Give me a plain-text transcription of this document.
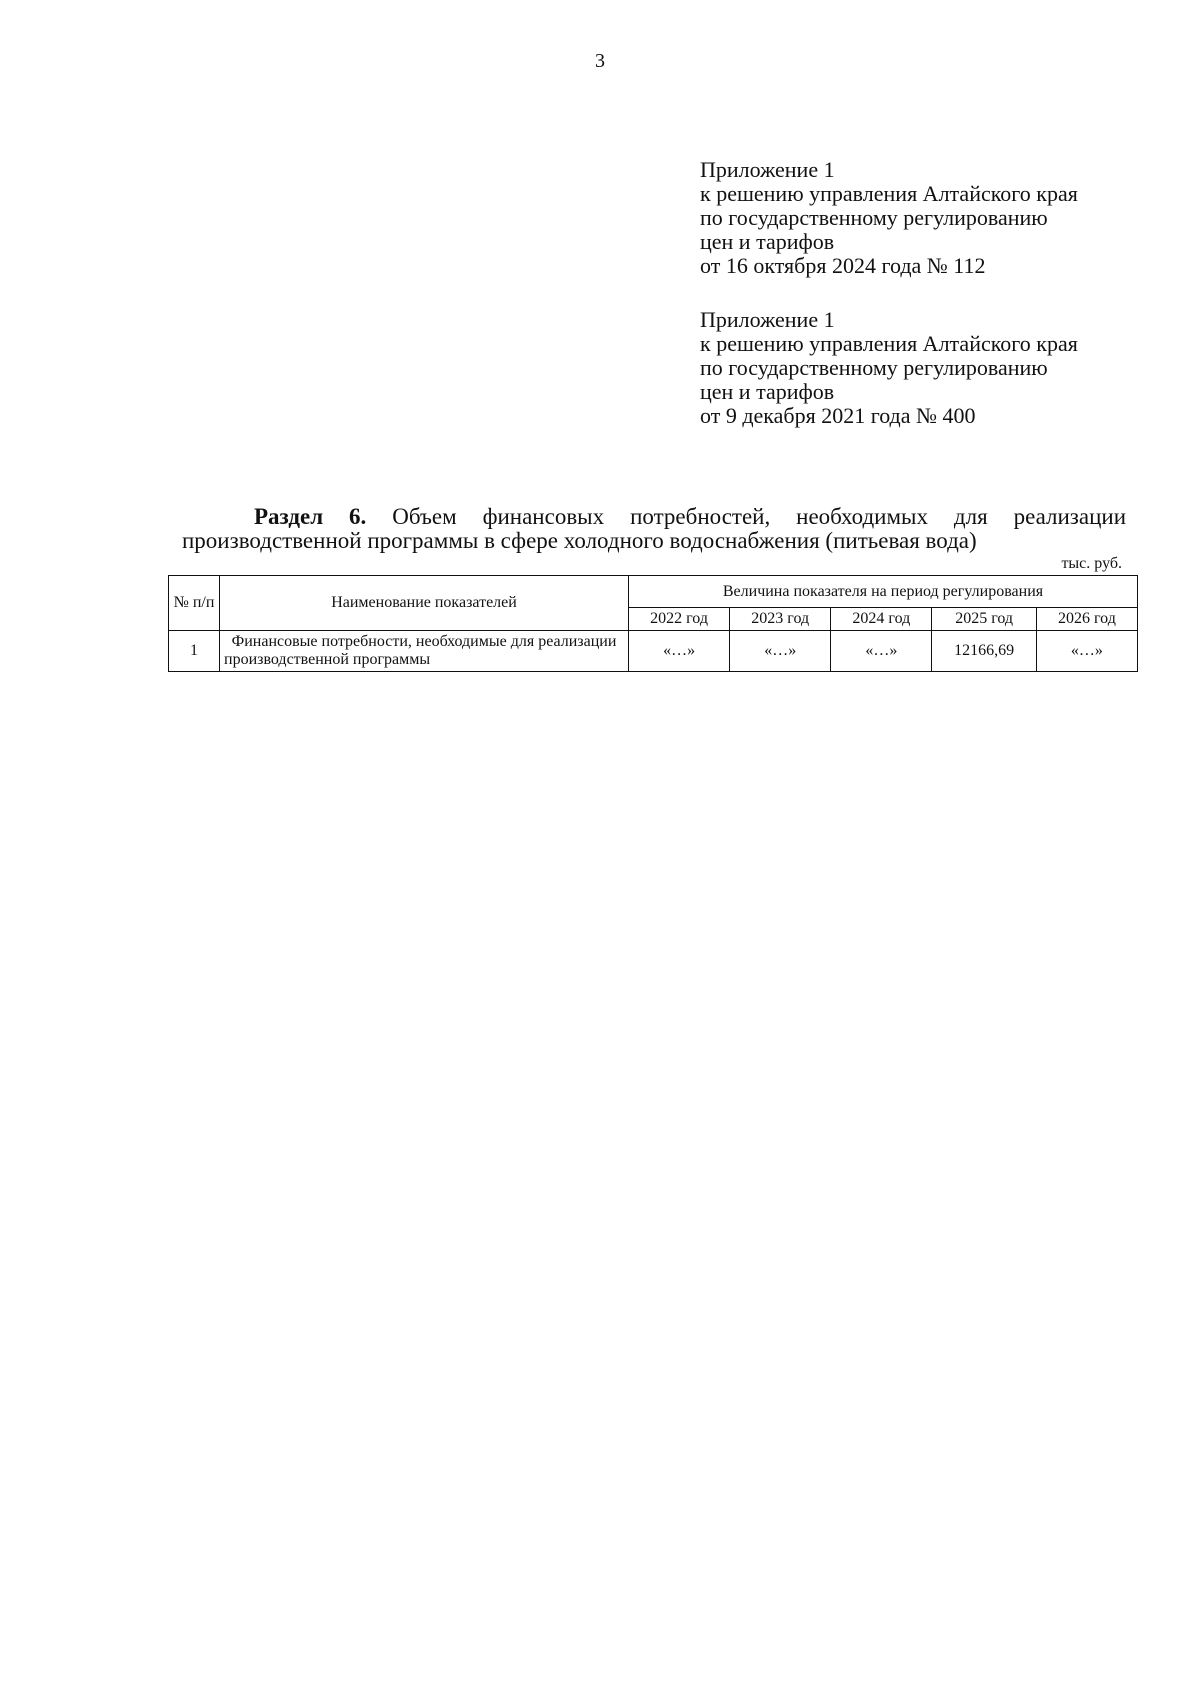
3
Приложение 1
к решению управления Алтайского края
по государственному регулированию
цен и тарифов
от 16 октября 2024 года № 112
Приложение 1
к решению управления Алтайского края
по государственному регулированию
цен и тарифов
от 9 декабря 2021 года № 400
Раздел 6. Объем финансовых потребностей, необходимых для реализации
производственной программы в сфере холодного водоснабжения (питьевая вода)
тыс. руб.
№ п/п	Наименование показателей	Величина показателя на период регулирования				
		2022 год	2023 год	2024 год	2025 год	2026 год
1	Финансовые потребности, необходимые для реализации производственной программы	«…»	«…»	«…»	12166,69	«…»
